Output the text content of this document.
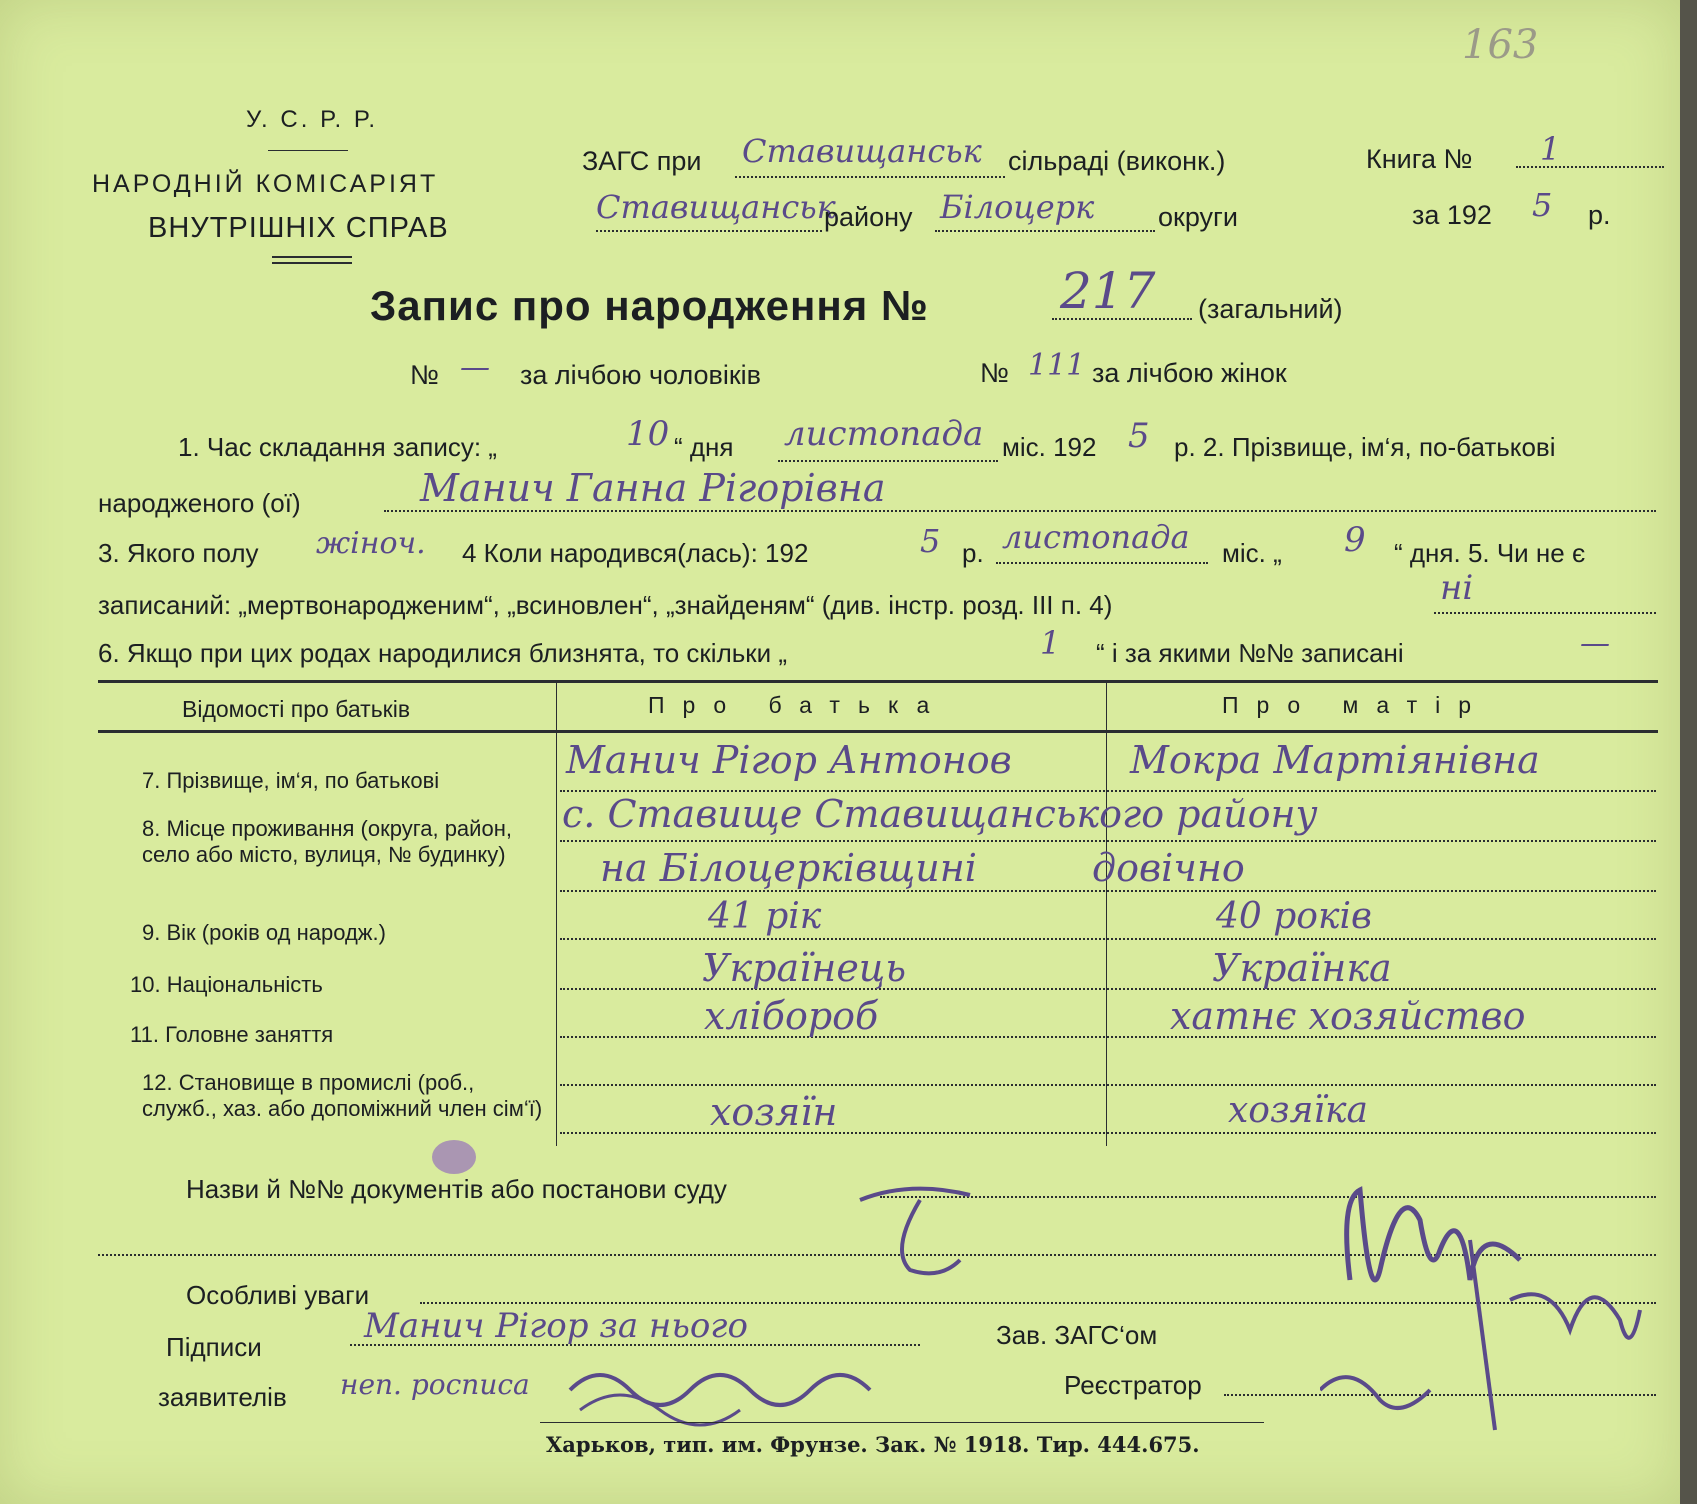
163
У. С. Р. Р.
НАРОДНІЙ КОМІСАРІЯТ
ВНУТРІШНІХ СПРАВ
ЗАГС при Ставищанськ сільраді (виконк.)
Ставищанськ
району Білоцерк округи
Книга № 1
за 192 5 р.
Запис про народження №	217 (загальний)
№ — за лічбою чоловіків	№ 111 за лічбою жінок
1. Час складання запису: „	10 “ дня листопада міс. 192 5 р. 2. Прізвище, ім‘я, по-батькові
народженого (ої)	Манич Ганна Рігорівна
3. Якого полу жіноч. 4 Коли народився(лась): 192	5 р. листопада міс. „ 9 “ дня. 5. Чи не є
записаний: „мертвонародженим“, „всиновлен“, „знайденям“ (див. інстр. розд. III п. 4)	ні
6. Якщо при цих родах народилися близнята, то скільки „	1 “ і за якими №№ записані	—
Відомості про батьків	Про батька	Про матір
7. Прізвище, ім‘я, по батькові	Манич Рігор Антонов	Мокра Мартіянівна
8. Місце проживання (округа, район, село або місто, вулиця, № будинку)
с. Ставище Ставищанського району
на Білоцерківщині	довічно
9. Вік (років од народж.)	41 рік	40 років
10. Національність	Українець	Українка
11. Головне заняття	хлібороб	хатнє хозяйство
12. Становище в промислі (роб., служб., хаз. або допоміжний член сім‘ї)	хозяїн	хозяїка
Назви й №№ документів або постанови суду
Особливі уваги
Підписи
заявителів
Манич Рігор за нього
неп. росписа
Зав. ЗАГС‘ом
Реєстратор
Харьков, тип. им. Фрунзе. Зак. № 1918. Тир. 444.675.
